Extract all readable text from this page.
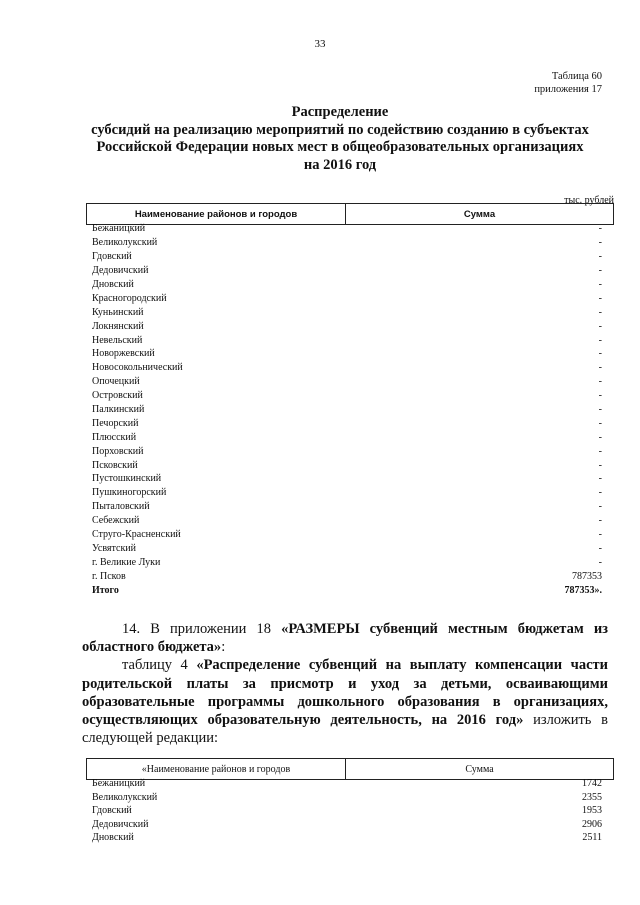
33
Таблица 60
приложения 17
Распределение
субсидий на реализацию мероприятий по содействию созданию в субъектах
Российской Федерации новых мест в общеобразовательных организациях
на 2016 год
тыс. рублей
Наименование районов и городов	Сумма
Бежаницкий	-
Великолукский	-
Гдовский	-
Дедовичский	-
Дновский	-
Красногородский	-
Куньинский	-
Локнянский	-
Невельский	-
Новоржевский	-
Новосокольнический	-
Опочецкий	-
Островский	-
Палкинский	-
Печорский	-
Плюсский	-
Порховский	-
Псковский	-
Пустошкинский	-
Пушкиногорский	-
Пыталовский	-
Себежский	-
Струго-Красненский	-
Усвятский	-
г. Великие Луки	-
г. Псков	787353
Итого	787353».

14. В приложении 18 «РАЗМЕРЫ субвенций местным бюджетам из областного бюджета»:

таблицу 4 «Распределение субвенций на выплату компенсации части родительской платы за присмотр и уход за детьми, осваивающими образовательные программы дошкольного образования в организациях, осуществляющих образовательную деятельность, на 2016 год» изложить в следующей редакции:

«Наименование районов и городов	Сумма
Бежаницкий	1742
Великолукский	2355
Гдовский	1953
Дедовичский	2906
Дновский	2511
